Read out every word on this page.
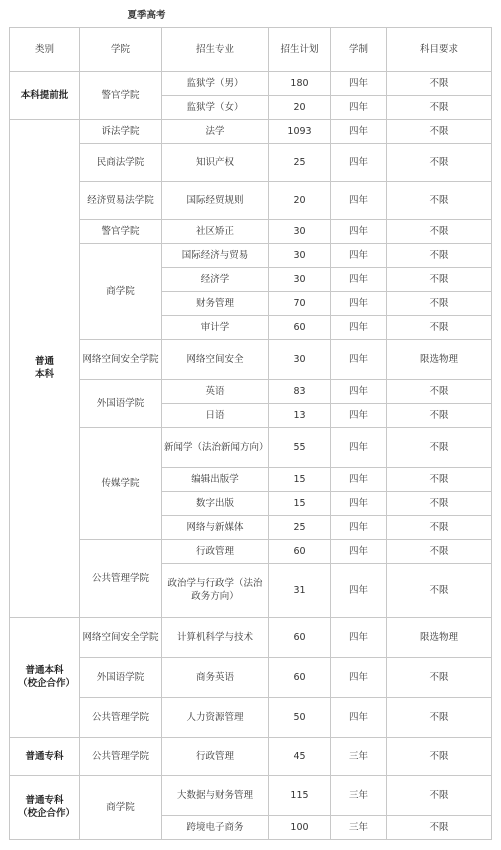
夏季高考					
类别	学院	招生专业	招生计划	学制	科目要求
本科提前批	警官学院	监狱学（男）	180	四年	不限
		监狱学（女）	20	四年	不限
普通本科	诉法学院	法学	1093	四年	不限
	民商法学院	知识产权	25	四年	不限
	经济贸易法学院	国际经贸规则	20	四年	不限
	警官学院	社区矫正	30	四年	不限
	商学院	国际经济与贸易	30	四年	不限
		经济学	30	四年	不限
		财务管理	70	四年	不限
		审计学	60	四年	不限
	网络空间安全学院	网络空间安全	30	四年	限选物理
	外国语学院	英语	83	四年	不限
		日语	13	四年	不限
	传媒学院	新闻学（法治新闻方向）	55	四年	不限
		编辑出版学	15	四年	不限
		数字出版	15	四年	不限
		网络与新媒体	25	四年	不限
	公共管理学院	行政管理	60	四年	不限
		政治学与行政学（法治政务方向）	31	四年	不限
普通本科（校企合作）	网络空间安全学院	计算机科学与技术	60	四年	限选物理
	外国语学院	商务英语	60	四年	不限
	公共管理学院	人力资源管理	50	四年	不限
普通专科	公共管理学院	行政管理	45	三年	不限
普通专科（校企合作）	商学院	大数据与财务管理	115	三年	不限
		跨境电子商务	100	三年	不限
